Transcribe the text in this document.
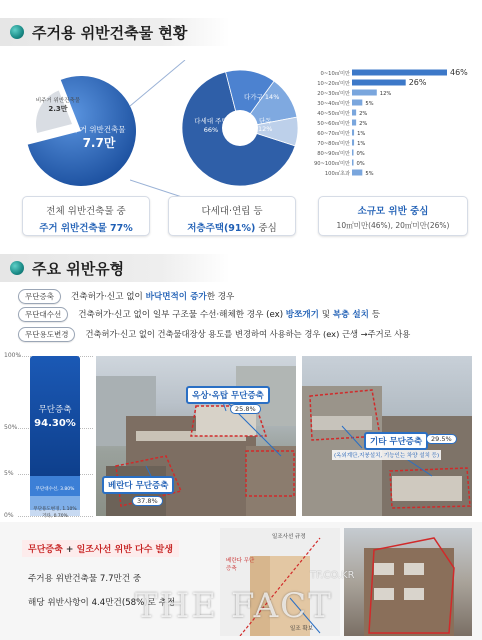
주거용 위반건축물 현황
비주거 위반건축물
2.3만
주거 위반건축물
7.7만
다세대 주택
66%
다가구 14%
단독
12%
0~10㎡미만	46%
10~20㎡미만	26%
20~30㎡미만	12%
30~40㎡미만	5%
40~50㎡미만 2%
50~60㎡미만 2%
60~70㎡미만 1%
70~80㎡미만 1%
80~90㎡미만 0%
90~100㎡미만 0%
100㎡초과	5%
전체 위반건축물 중
주거 위반건축물 77%
다세대·연립 등
저층주택(91%) 중심
소규모 위반 중심
10㎡미만(46%), 20㎡미만(26%)
주요 위반유형
무단증축	건축허가·신고 없이 바닥면적이 증가한 경우
무단대수선	건축허가·신고 없이 일부 구조물 수선·해체한 경우 (ex) 방쪼개기 및 복층 설치 등
무단용도변경	건축허가·신고 없이 건축물대장상 용도를 변경하여 사용하는 경우 (ex) 근생 →주거로 사용
100%
50%
5%
0%
무단증축
94.30%
무단대수선, 3.80%
무단용도변경, 1.10%
기타, 0.70%
옥상·옥탑 무단증축
25.8%
베란다 무단증축
37.8%
기타 무단증축	29.5%
(옥외계단,지붕설치, 기능인는 차양 설치 등)
무단증축 + 일조사선 위반 다수 발생
주거용 위반건축물 7.7만건 중
해당 위반사항이 4.4만건(58%)로 추정
일조사선 규정
베란다 무단증축
일조 확보
TF.CO.KR
THE FACT
